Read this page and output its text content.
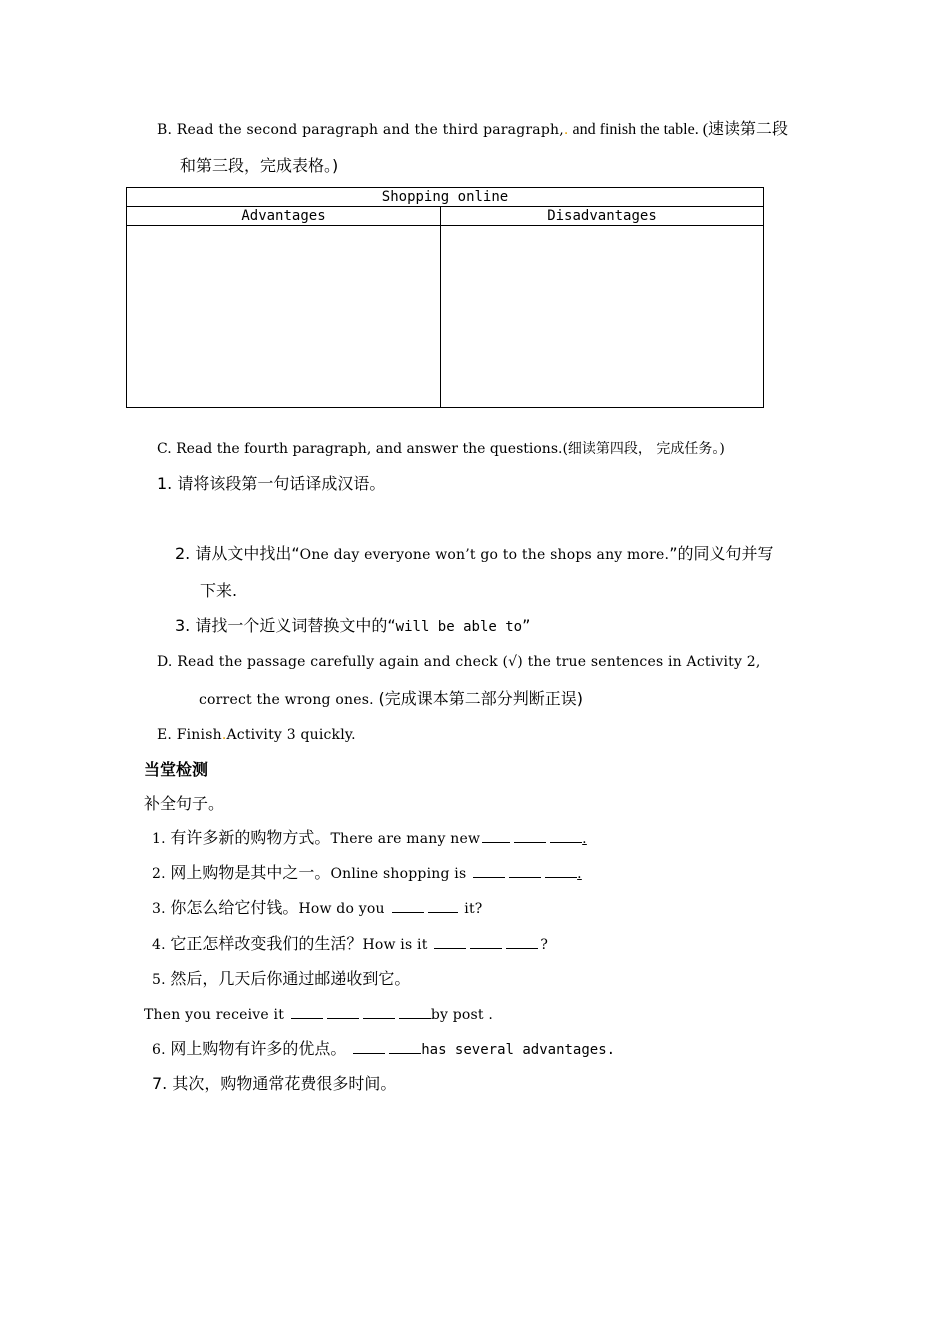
B. Read the second paragraph and the third paragraph,. and finish the table. (速读第二段
和第三段，完成表格。)
Shopping online	
Advantages	Disadvantages

C. Read the fourth paragraph, and answer the questions.(细读第四段， 完成任务。)
1. 请将该段第一句话译成汉语。
2. 请从文中找出“One day everyone won’t go to the shops any more.”的同义句并写
下来.
3. 请找一个近义词替换文中的“will be able to”
D. Read the passage carefully again and check (√) the true sentences in Activity 2,
correct the wrong ones. (完成课本第二部分判断正误)
E. Finish.Activity 3 quickly.
当堂检测
补全句子。
1. 有许多新的购物方式。There are many new	.
2. 网上购物是其中之一。Online shopping is	.
3. 你怎么给它付钱。How do you	it?
4. 它正怎样改变我们的生活？How is it	?
5. 然后，几天后你通过邮递收到它。
Then you receive it	by post .
6. 网上购物有许多的优点。	has several advantages.
7. 其次，购物通常花费很多时间。
